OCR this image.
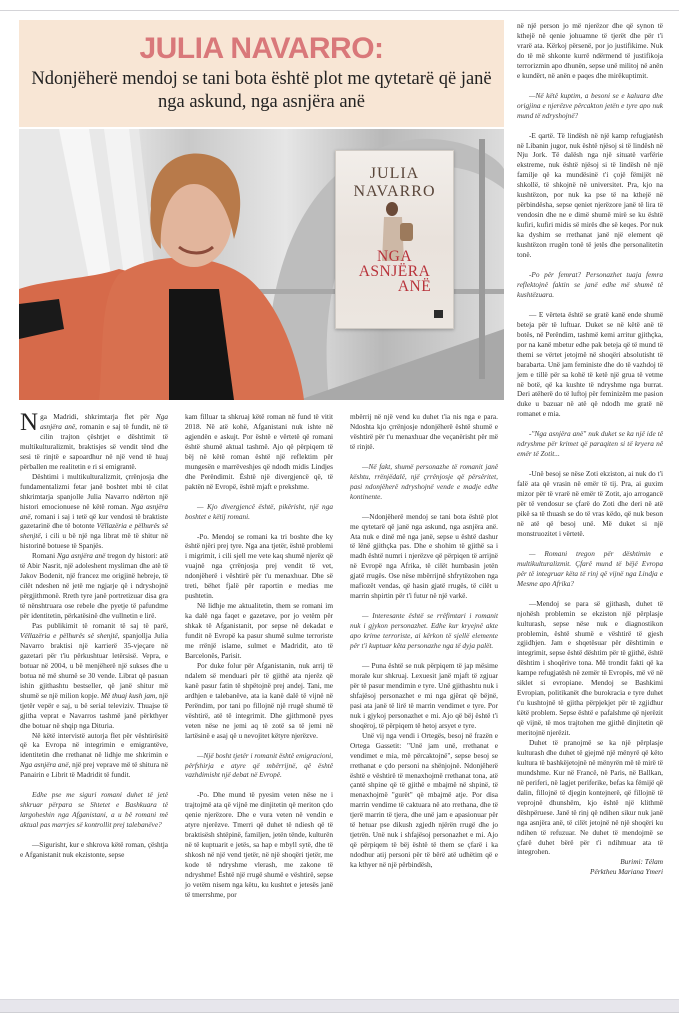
JULIA NAVARRO:
Ndonjëherë mendoj se tani bota është plot me qytetarë që janë nga askund, nga asnjëra anë
JULIA
NAVARRO
NGA
ASNJËRA
ANË

Nga Madridi, shkrimtarja flet për Nga asnjëra anë, romanin e saj të fundit, në të cilin trajton çështjet e dështimit të multikulturalizmit, braktisjes së vendit tënd dhe sesi të rinjtë e sapoardhur në një vend të huaj përballen me realitetin e ri si emigrantë.

Dështimi i multikulturalizmit, çrrënjosja dhe fundamentalizmi fetar janë boshtet mbi të cilat shkrimtarja spanjolle Julia Navarro ndërton një histori emocionuese në këtë roman. Nga asnjëra anë, romani i saj i tetë që kur vendosi të braktiste gazetarinë dhe të botonte Vëllazëria e pëlhurës së shenjtë, i cili u bë një nga librat më të shitur në historinë botuese të Spanjës.

Romani Nga asnjëra anë tregon dy histori: atë të Abir Nasrit, një adoleshent mysliman dhe atë të Jakov Bodenit, një francez me origjinë hebreje, të cilët ndeshen në jetë me ngjarje që i ndryshojnë përgjithmonë. Rreth tyre janë portretizuar disa gra të nënshtruara ose rebele dhe pyetje të pafundme për identitetin, përkatësinë dhe vullnetin e lirë.

Pas publikimit të romanit të saj të parë, Vëllazëria e pëlhurës së shenjtë, spanjollja Julia Navarro braktisi një karrierë 35-vjeçare në gazetari për t'iu përkushtuar letërsisë. Vepra, e botuar në 2004, u bë menjëherë një sukses dhe u botua në më shumë se 30 vende. Librat që pasuan ishin gjithashtu bestseller, që janë shitur më shumë se një milion kopje. Më thuaj kush jam, një tjetër vepër e saj, u bë serial televiziv. Thuajse të gjitha veprat e Navarros tashmë janë përkthyer dhe botuar në shqip nga Dituria.

Në këtë intervistë autorja flet për vështirësitë që ka Evropa në integrimin e emigrantëve, identitetin dhe rrethanat në lidhje me shkrimin e Nga asnjëra anë, një prej veprave më të shitura në Panairin e Librit të Madridit të fundit.

Edhe pse me siguri romani duhet të jetë shkruar përpara se Shtetet e Bashkuara të largoheshin nga Afganistani, a u bë romani më aktual pas marrjes së kontrollit prej talebanëve?

—Sigurisht, kur e shkrova këtë roman, çështja e Afganistanit nuk ekzistonte, sepse

kam filluar ta shkruaj këtë roman në fund të vitit 2018. Në atë kohë, Afganistani nuk ishte në agjendën e askujt. Por është e vërtetë që romani është shumë aktual tashmë. Ajo që përpiqem të bëj në këtë roman është një reflektim për mungesën e marrëveshjes që ndodh midis Lindjes dhe Perëndimit. Është një divergjencë që, të paktën në Evropë, është mjaft e prekshme.

— Kjo divergjencë është, pikërisht, një nga boshtet e këtij romani.

-Po. Mendoj se romani ka tri boshte dhe ky është njëri prej tyre. Nga ana tjetër, është problemi i migrimit, i cili sjell me vete kaq shumë njerëz që vuajnë nga çrrënjosja prej vendit të vet, ndonjëherë i vështirë për t'u menaxhuar. Dhe së treti, bëhet fjalë për raportin e medias me pushtetin.

Në lidhje me aktualitetin, them se romani im ka dalë nga faqet e gazetave, por jo vetëm për shkak të Afganistanit, por sepse në dekadat e fundit në Evropë ka pasur shumë sulme terroriste me rrënjë islame, sulmet e Madridit, ato të Barcelonës, Parisit.

Por duke folur për Afganistanin, nuk arrij të ndalem së menduari për të gjithë ata njerëz që kanë pasur fatin të shpëtojnë prej andej. Tani, me ardhjen e talebanëve, ata ia kanë dalë të vijnë në Perëndim, por tani po fillojnë një rrugë shumë të vështirë, atë të integrimit. Dhe gjithmonë pyes veten nëse ne jemi aq të zotë sa të jemi në lartësinë e asaj që u nevojitet këtyre njerëzve.

—Një bosht tjetër i romanit është emigracioni, përfshirja e atyre që mbërrijnë, që është vazhdimisht një debat në Evropë.

-Po. Dhe mund të pyesim veten nëse ne i trajtojmë ata që vijnë me dinjitetin që meriton çdo qenie njerëzore. Dhe e vura veten në vendin e atyre njerëzve. Tmerri që duhet të ndiesh që të braktisësh shtëpinë, familjen, jetën tënde, kulturën në të kuptuarit e jetës, sa hap e mbyll sytë, dhe të shkosh në një vend tjetër, në një shoqëri tjetër, me kode të ndryshme vlerash, me zakone të ndryshme! Është një rrugë shumë e vështirë, sepse jo vetëm nisem nga këtu, ku kushtet e jetesës janë të tmerrshme, por

mbërrij në një vend ku duhet t'ia nis nga e para. Ndoshta kjo çrrënjosje ndonjëherë është shumë e vështirë për t'u menaxhuar dhe veçanërisht për më të rinjtë.

—Në fakt, shumë personazhe të romanit janë kështu, rrënjëdalë, një çrrënjosje që përsëritet, pasi ndonjëherë ndryshojnë vende e madje edhe kontinente.

—Ndonjëherë mendoj se tani bota është plot me qytetarë që janë nga askund, nga asnjëra anë. Ata nuk e dinë më nga janë, sepse u është dashur të lënë gjithçka pas. Dhe e shohim të gjithë sa i madh është numri i njerëzve që përpiqen të arrijnë në Evropë nga Afrika, të cilët humbasin jetën gjatë rrugës. Ose nëse mbërrijnë shfrytëzohen nga mafiozët vendas, që hasin gjatë rrugës, të cilët u marrin shpirtin për t'i futur në një varkë.

— Interesante është se rrëfimtari i romanit nuk i gjykon personazhet. Edhe kur kryejnë akte apo krime terroriste, ai kërkon të sjellë elemente për t'i kuptuar këta personazhe nga të dyja palët.

— Puna është se nuk përpiqem të jap mësime morale kur shkruaj. Lexuesit janë mjaft të zgjuar për të pasur mendimin e tyre. Unë gjithashtu nuk i shfajësoj personazhet e mi nga gjërat që bëjnë, pasi ata janë të lirë të marrin vendimet e tyre. Por nuk i gjykoj personazhet e mi. Ajo që bëj është t'i shoqëroj, të përpiqem të hetoj arsyet e tyre.

Unë vij nga vendi i Ortegës, besoj në frazën e Ortega Gassetit: "Unë jam unë, rrethanat e vendimet e mia, më përcaktojnë", sepse besoj se rrethanat e çdo personi na shënjojnë. Ndonjëherë është e vështirë të menaxhojmë rrethanat tona, atë çantë shpine që të gjithë e mbajmë në shpinë, të menaxhojmë "gurët" që mbajmë atje. Por disa marrin vendime të caktuara në ato rrethana, dhe të tjerë marrin të tjera, dhe unë jam e apasionuar për të hetuar pse dikush zgjedh njërën rrugë dhe jo tjetrën. Unë nuk i shfajësoj personazhet e mi. Ajo që përpiqem të bëj është të them se çfarë i ka ndodhur atij personi për të bërë atë udhëtim që e ka kthyer në një përbindësh,

në një person jo më njerëzor dhe që synon të kthejë në qenie johuamne të tjerët dhe për t'i vrarë ata. Kërkoj përsenë, por jo justifikime. Nuk do të më shkonte kurrë ndërmend të justifikoja terrorizmin apo dhunën, sepse unë militoj në anën e kundërt, në anën e paqes dhe mirëkuptimit.

—Në këtë kuptim, a besoni se e kaluara dhe origjina e njerëzve përcakton jetën e tyre apo nuk mund të ndryshojnë?

-E qartë. Të lindësh në një kamp refugjatësh në Libanin jugor, nuk është njësoj si të lindësh në Nju Jork. Të dalësh nga një situatë varfërie ekstreme, nuk është njësoj si të lindësh në një familje që ka mundësinë t'i çojë fëmijët në shkollë, të shkojnë në universitet. Pra, kjo na kushtëzon, por nuk ka pse të na kthejë në përbindësha, sepse qeniet njerëzore janë të lira të vendosin dhe ne e dimë shumë mirë se ku është kufiri, kufiri midis së mirës dhe së keqes. Por nuk ka dyshim se rrethanat janë një element që kushtëzon rrugën tonë të jetës dhe personalitetin tonë.

-Po për femrat? Personazhet tuaja femra reflektojnë faktin se janë edhe më shumë të kushtëzuara.

— E vërteta është se gratë kanë ende shumë beteja për të luftuar. Duket se në këtë anë të botës, në Perëndim, tashmë kemi arritur gjithçka, por na kanë mbetur edhe pak beteja që të mund të themi se vërtet jetojmë në shoqëri absolutisht të barabarta. Unë jam feministe dhe do të vazhdoj të jem e tillë për sa kohë të ketë një grua të vetme në botë, që ka kushte të ndryshme nga burrat. Deri atëherë do të luftoj për feminizëm me pasion duke u bazuar në atë që ndodh me gratë në romanet e mia.

-"Nga asnjëra anë" nuk duket se ka një ide të ndryshme për krimet që paraqiten si të kryera në emër të Zotit...

-Unë besoj se nëse Zoti ekziston, ai nuk do t'i falë ata që vrasin në emër të tij. Pra, ai guxim mizor për të vrarë në emër të Zotit, ajo arrogancë për të vendosur se çfarë do Zoti dhe deri në atë pikë sa të thuash se do të vras këdo, që nuk beson në atë që besoj unë. Më duket si një monstruozitet i vërtetë.

— Romani tregon për dështimin e multikulturalizmit. Çfarë mund të bëjë Evropa për të integruar këta të rinj që vijnë nga Lindja e Mesme apo Afrika?

—Mendoj se para së gjithash, duhet të njohësh problemin se ekziston një përplasje kulturash, sepse nëse nuk e diagnostikon problemin, është shumë e vështirë të gjesh zgjidhjen. Jam e shqetësuar për dështimin e integrimit, sepse është dështim për të gjithë, është dështim i shoqërive tona. Më trondit fakti që ka kampe refugjatësh në zemër të Evropës, më vë në siklet si evropiane. Mendoj se Bashkimi Evropian, politikanët dhe burokracia e tyre duhet t'u kushtojnë të gjitha përpjekjet për të zgjidhur këtë problem. Sepse është e pafalshme që njerëzit që vijnë, të mos trajtohen me gjithë dinjitetin që meritojnë njerëzit.

Duhet të pranojmë se ka një përplasje kulturash dhe duhet të gjejmë një mënyrë që këto kultura të bashkëjetojnë në mënyrën më të mirë të mundshme. Kur në Francë, në Paris, në Ballkan, në periferi, në lagjet periferike, befas ka fëmijë që dalin, fillojnë të djegin kontejnerë, që fillojnë të veprojnë dhunshëm, kjo është një klithmë dëshpëruese. Janë të rinj që ndihen sikur nuk janë nga asnjëra anë, të cilët jetojnë në një shoqëri ku ndihen të refuzuar. Ne duhet të mendojmë se çfarë duhet bërë për t'i ndihmuar ata të integrohen.

Burimi: Télam

Përktheu Mariana Ymeri
